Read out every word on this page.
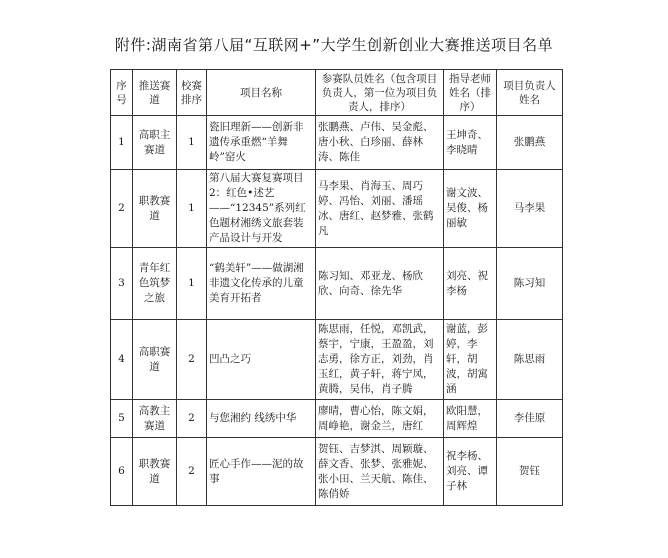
附件:湖南省第八届“互联网+”大学生创新创业大赛推送项目名单
序号	推送赛道	校赛排序	项目名称	参赛队员姓名（包含项目负责人，第一位为项目负责人，排序）	指导老师姓名（排序）	项目负责人姓名
1	高职主赛道	1	瓷旧理新——创新非遗传承重燃“羊舞岭”窑火	张鹏燕、卢伟、吴金彪、唐小秋、白珍丽、薛林涛、陈佳	王坤奇、李晓晴	张鹏燕
2	职教赛道	1	第八届大赛复赛项目2：红色•述艺——“12345”系列红色题材湘绣文旅套装产品设计与开发	马李果、肖海玉、周巧婷、冯怡、刘丽、潘瑶冰、唐红、赵梦雅、张鹤凡	谢文波、吴俊、杨丽敏	马李果
3	青年红色筑梦之旅	1	“鹤美轩”——做湖湘非遗文化传承的儿童美育开拓者	陈习知、邓亚龙、杨欣欣、向奇、徐先华	刘亮、祝李杨	陈习知
4	高职赛道	2	凹凸之巧	陈思雨，任悦，邓凯武，蔡宇，宁康，王盈盈，刘志勇，徐方正，刘劲，肖玉红，黄子轩，蒋宁凤，黄腾，吴伟，肖子腾	谢蓝，彭婷，李轩，胡波，胡寓涵	陈思雨
5	高教主赛道	2	与您湘约 线绣中华	廖晴，曹心怡，陈文娟，周峥艳，谢金兰，唐红	欧阳慧，周辉煌	李佳原
6	职教赛道	2	匠心手作——泥的故事	贺钰、吉梦淇、周颖璇、薛文香、张梦、张雅妮、张小田、兰天航、陈佳、陈俏娇	祝李杨、刘亮、谭子林	贺钰
